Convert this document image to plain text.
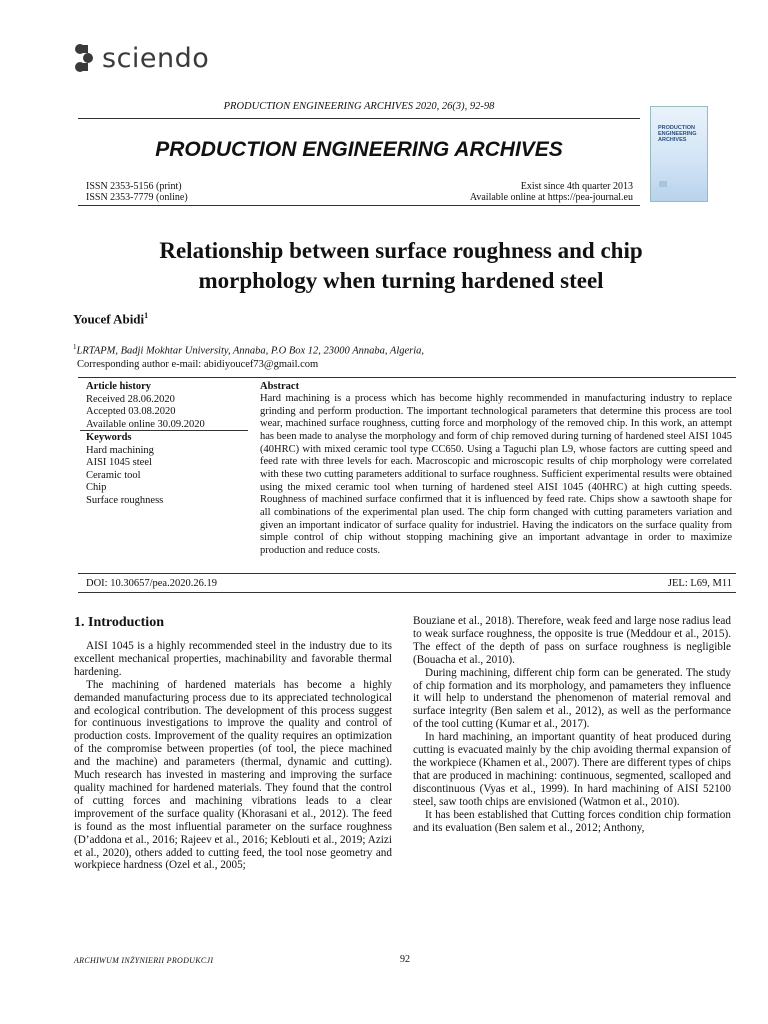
sciendo
PRODUCTION ENGINEERING ARCHIVES 2020, 26(3), 92-98
PRODUCTION ENGINEERING ARCHIVES
ISSN 2353-5156 (print)
ISSN 2353-7779 (online)
Exist since 4th quarter 2013
Available online at https://pea-journal.eu
PRODUCTION
ENGINEERING
ARCHIVES
Relationship between surface roughness and chip
morphology when turning hardened steel
Youcef Abidi$^1$
$^1$LRTAPM, Badji Mokhtar University, Annaba, P.O Box 12, 23000 Annaba, Algeria,
Corresponding author e-mail: abidiyoucef73@gmail.com
Article history
Received 28.06.2020
Accepted 03.08.2020
Available online 30.09.2020
Keywords
Hard machining
AISI 1045 steel
Ceramic tool
Chip
Surface roughness
Abstract
Hard machining is a process which has become highly recommended in manufacturing industry to replace grinding and perform production. The important technological parameters that determine this process are tool wear, machined surface roughness, cutting force and morphology of the removed chip. In this work, an attempt has been made to analyse the morphology and form of chip removed during turning of hardened steel AISI 1045 (40HRC) with mixed ceramic tool type CC650. Using a Taguchi plan L9, whose factors are cutting speed and feed rate with three levels for each. Macroscopic and microscopic results of chip morphology were correlated with these two cutting parameters additional to surface roughness. Sufficient experimental results were obtained using the mixed ceramic tool when turning of hardened steel AISI 1045 (40HRC) at high cutting speeds. Roughness of machined surface confirmed that it is influenced by feed rate. Chips show a sawtooth shape for all combinations of the experimental plan used. The chip form changed with cutting parameters variation and given an important indicator of surface quality for industriel. Having the indicators on the surface quality from simple control of chip without stopping machining give an important advantage in order to maximize production and reduce costs.
DOI: 10.30657/pea.2020.26.19	JEL: L69, M11
1. Introduction

AISI 1045 is a highly recommended steel in the industry due to its excellent mechanical properties, machinability and favorable thermal hardening.

The machining of hardened materials has become a highly demanded manufacturing process due to its appreciated technological and ecological contribution. The development of this process suggest for continuous investigations to improve the quality and control of production costs. Improvement of the quality requires an optimization of the compromise between properties (of tool, the piece machined and the machine) and parameters (thermal, dynamic and cutting). Much research has invested in mastering and improving the surface quality machined for hardened materials. They found that the control of cutting forces and machining vibrations leads to a clear improvement of the surface quality (Khorasani et al., 2012). The feed is found as the most influential parameter on the surface roughness (D’addona et al., 2016; Rajeev et al., 2016; Keblouti et al., 2019; Azizi et al., 2020), others added to cutting feed, the tool nose geometry and workpiece hardness (Ozel et al., 2005;

Bouziane et al., 2018). Therefore, weak feed and large nose radius lead to weak surface roughness, the opposite is true (Meddour et al., 2015). The effect of the depth of pass on surface roughness is negligible (Bouacha et al., 2010).

During machining, different chip form can be generated. The study of chip formation and its morphology, and pamameters they influence it will help to understand the phenomenon of material removal and surface integrity (Ben salem et al., 2012), as well as the performance of the tool cutting (Kumar et al., 2017).

In hard machining, an important quantity of heat produced during cutting is evacuated mainly by the chip avoiding thermal expansion of the workpiece (Khamen et al., 2007). There are different types of chips that are produced in machining: continuous, segmented, scalloped and discontinuous (Vyas et al., 1999). In hard machining of AISI 52100 steel, saw tooth chips are envisioned (Watmon et al., 2010).

It has been established that Cutting forces condition chip formation and its evaluation (Ben salem et al., 2012; Anthony,

ARCHIWUM INŻYNIERII PRODUKCJI	92
